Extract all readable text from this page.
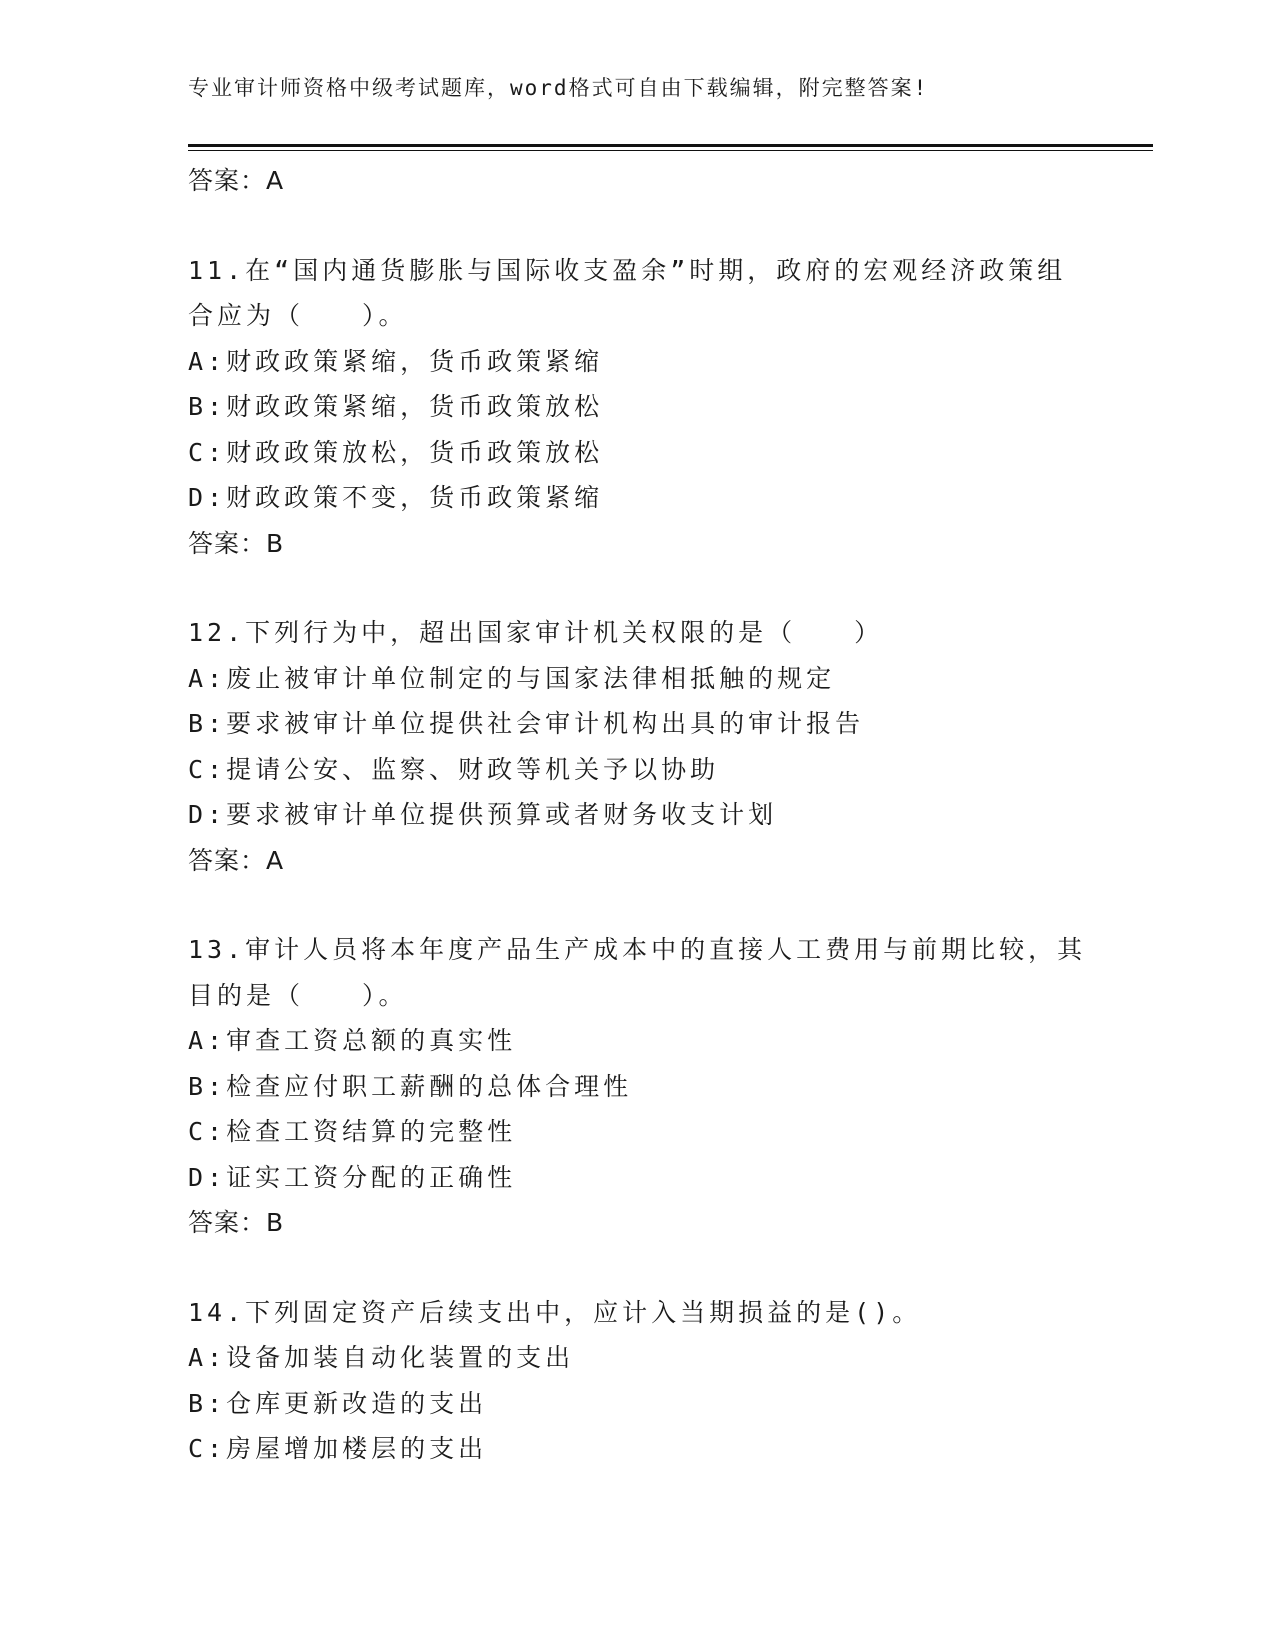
专业审计师资格中级考试题库，word格式可自由下载编辑，附完整答案!
答案：A
11.在“国内通货膨胀与国际收支盈余”时期，政府的宏观经济政策组
合应为（　　）。
A:财政政策紧缩，货币政策紧缩
B:财政政策紧缩，货币政策放松
C:财政政策放松，货币政策放松
D:财政政策不变，货币政策紧缩
答案：B
12.下列行为中，超出国家审计机关权限的是（　　）
A:废止被审计单位制定的与国家法律相抵触的规定
B:要求被审计单位提供社会审计机构出具的审计报告
C:提请公安、监察、财政等机关予以协助
D:要求被审计单位提供预算或者财务收支计划
答案：A
13.审计人员将本年度产品生产成本中的直接人工费用与前期比较，其
目的是（　　）。
A:审查工资总额的真实性
B:检查应付职工薪酬的总体合理性
C:检查工资结算的完整性
D:证实工资分配的正确性
答案：B
14.下列固定资产后续支出中，应计入当期损益的是()。
A:设备加装自动化装置的支出
B:仓库更新改造的支出
C:房屋增加楼层的支出
